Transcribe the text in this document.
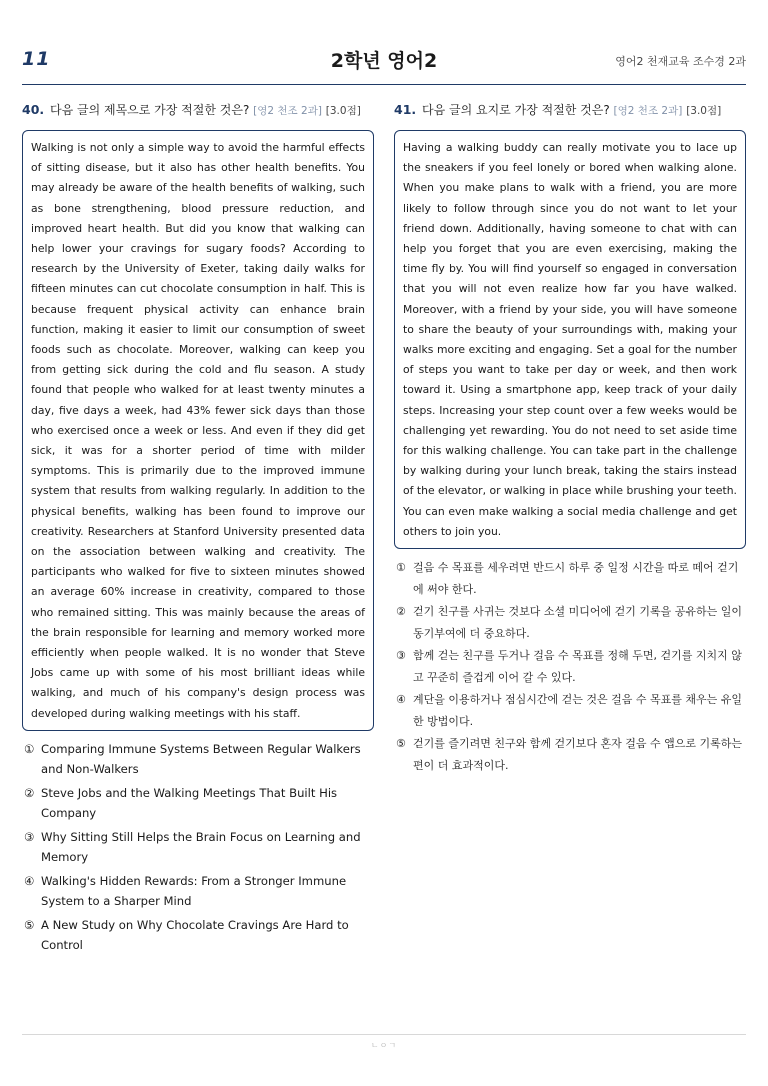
11	2학년 영어2	영어2 천재교육 조수경 2과
40. 다음 글의 제목으로 가장 적절한 것은? [영2 천조 2과] [3.0점]
Walking is not only a simple way to avoid the harmful effects of sitting disease, but it also has other health benefits. You may already be aware of the health benefits of walking, such as bone strengthening, blood pressure reduction, and improved heart health. But did you know that walking can help lower your cravings for sugary foods? According to research by the University of Exeter, taking daily walks for fifteen minutes can cut chocolate consumption in half. This is because frequent physical activity can enhance brain function, making it easier to limit our consumption of sweet foods such as chocolate. Moreover, walking can keep you from getting sick during the cold and flu season. A study found that people who walked for at least twenty minutes a day, five days a week, had 43% fewer sick days than those who exercised once a week or less. And even if they did get sick, it was for a shorter period of time with milder symptoms. This is primarily due to the improved immune system that results from walking regularly. In addition to the physical benefits, walking has been found to improve our creativity. Researchers at Stanford University presented data on the association between walking and creativity. The participants who walked for five to sixteen minutes showed an average 60% increase in creativity, compared to those who remained sitting. This was mainly because the areas of the brain responsible for learning and memory worked more efficiently when people walked. It is no wonder that Steve Jobs came up with some of his most brilliant ideas while walking, and much of his company's design process was developed during walking meetings with his staff.
① Comparing Immune Systems Between Regular Walkers and Non-Walkers
② Steve Jobs and the Walking Meetings That Built His Company
③ Why Sitting Still Helps the Brain Focus on Learning and Memory
④ Walking's Hidden Rewards: From a Stronger Immune System to a Sharper Mind
⑤ A New Study on Why Chocolate Cravings Are Hard to Control
41. 다음 글의 요지로 가장 적절한 것은? [영2 천조 2과] [3.0점]
Having a walking buddy can really motivate you to lace up the sneakers if you feel lonely or bored when walking alone. When you make plans to walk with a friend, you are more likely to follow through since you do not want to let your friend down. Additionally, having someone to chat with can help you forget that you are even exercising, making the time fly by. You will find yourself so engaged in conversation that you will not even realize how far you have walked. Moreover, with a friend by your side, you will have someone to share the beauty of your surroundings with, making your walks more exciting and engaging. Set a goal for the number of steps you want to take per day or week, and then work toward it. Using a smartphone app, keep track of your daily steps. Increasing your step count over a few weeks would be challenging yet rewarding. You do not need to set aside time for this walking challenge. You can take part in the challenge by walking during your lunch break, taking the stairs instead of the elevator, or walking in place while brushing your teeth. You can even make walking a social media challenge and get others to join you.
① 걸음 수 목표를 세우려면 반드시 하루 중 일정 시간을 따로 떼어 걷기에 써야 한다.
② 걷기 친구를 사귀는 것보다 소셜 미디어에 걷기 기록을 공유하는 일이 동기부여에 더 중요하다.
③ 함께 걷는 친구를 두거나 걸음 수 목표를 정해 두면, 걷기를 지치지 않고 꾸준히 즐겁게 이어 갈 수 있다.
④ 계단을 이용하거나 점심시간에 걷는 것은 걸음 수 목표를 채우는 유일한 방법이다.
⑤ 걷기를 즐기려면 친구와 함께 걷기보다 혼자 걸음 수 앱으로 기록하는 편이 더 효과적이다.
ㄴㅇㄱ
